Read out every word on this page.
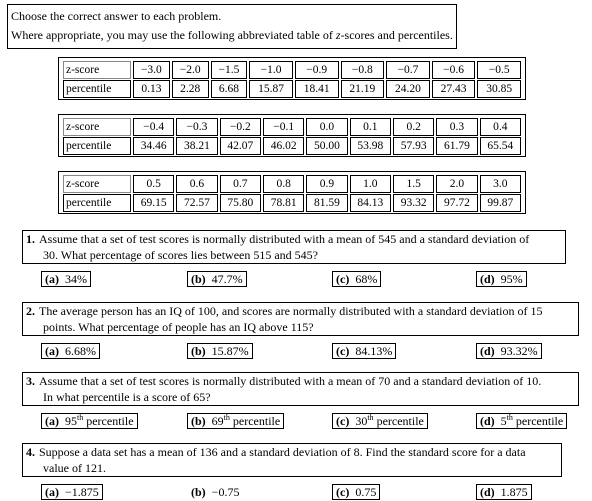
Choose the correct answer to each problem.
Where appropriate, you may use the following abbreviated table of z-scores and percentiles.
z-score	−3.0	−2.0	−1.5	−1.0	−0.9	−0.8	−0.7	−0.6	−0.5
percentile	0.13	2.28	6.68	15.87	18.41	21.19	24.20	27.43	30.85
z-score	−0.4	−0.3	−0.2	−0.1	0.0	0.1	0.2	0.3	0.4
percentile	34.46	38.21	42.07	46.02	50.00	53.98	57.93	61.79	65.54
z-score	0.5	0.6	0.7	0.8	0.9	1.0	1.5	2.0	3.0
percentile	69.15	72.57	75.80	78.81	81.59	84.13	93.32	97.72	99.87
1. Assume that a set of test scores is normally distributed with a mean of 545 and a standard deviation of
30. What percentage of scores lies between 515 and 545?
(a) 34%	(b) 47.7%	(c) 68%	(d) 95%
2. The average person has an IQ of 100, and scores are normally distributed with a standard deviation of 15
points. What percentage of people has an IQ above 115?
(a) 6.68%	(b) 15.87%	(c) 84.13%	(d) 93.32%
3. Assume that a set of test scores is normally distributed with a mean of 70 and a standard deviation of 10.
In what percentile is a score of 65?
(a) 95th percentile	(b) 69th percentile	(c) 30th percentile	(d) 5th percentile
4. Suppose a data set has a mean of 136 and a standard deviation of 8. Find the standard score for a data
value of 121.
(a) −1.875	(b) −0.75	(c) 0.75	(d) 1.875
